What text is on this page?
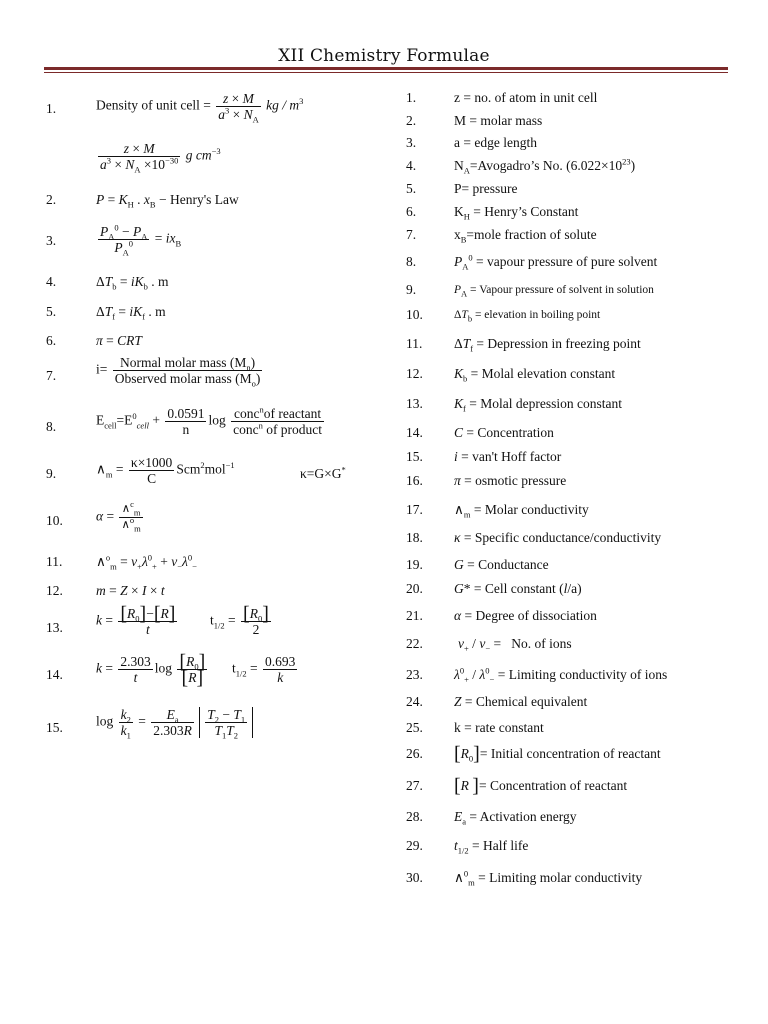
XII Chemistry Formulae
1.	Density of unit cell = $\frac{z \times M}{a^3 \times N_A}$ kg / $m^3$
$\frac{z \times M}{a^3 \times N_A \times 10^{-30}}$ g $cm^{-3}$
2.	$P = K_H$ . $x_B$ − Henry's Law
3.	$\frac{P_A^0 - P_A}{P_A^0} = ix_B$
4.	$\Delta T_b = iK_b$ . m
5.	$\Delta T_f = iK_f$ . m
6.	π = CRT
7.	$i= \frac{Normal molar mass (M_n)}{Observed molar mass (M_o)}$
8.	$E_{cell}=E^0_{cell} + \frac{0.0591}{n}$ $\log \frac{conc^nof reactant}{conc^n of product}$
9.	$\wedge_m = \frac{\kappa\times 1000}{C} Scm^2mol^{-1}$
κ=G×G*
10. $\alpha = \frac{\wedge^c_m}{\wedge^o_m}$
11. ∧$^o_m$ = $v_+\lambda^0_+ + v_-\lambda^0_-$
12. m = Z × I × t
13. $k = \frac{[R_0]-[R]}{t} t_{1/2} = \frac{[R_0]}{2}$
14. $k = \frac{2.303}{t}$ $\log \frac{[R_0]}{[R]} t_{1/2} = \frac{0.693}{k}$
15. $\log \frac{k_2}{k_1} = \frac{E_a}{2.303R}$
$\frac{T_2 - T_1}{T_1T_2}$
1.	z = no. of atom in unit cell
2.	M = molar mass
3.	a = edge length
4.	$N_A=Avogadro’s$ No. $(6.022\times 10^{23})$
5.	P= pressure
6.	$K_H$ = Henry’s Constant
7.	$x_B=mole$ fraction of solute
8.	$P_A^0$ = vapour pressure of pure solvent
9.	$P_A$ = Vapour pressure of solvent in solution
10.	$\Delta T_b$ = elevation in boiling point
11. $\Delta T_f$ = Depression in freezing point
12. $K_b$ = Molal elevation constant
13. $K_f$ = Molal depression constant
14. C = Concentration
15. i = van't Hoff factor
16. π = osmotic pressure
17. $\wedge_m$ = Molar conductivity
18. κ = Specific conductance/conductivity
19. G = Conductance
20. G* = Cell constant (l/a)
21. α = Degree of dissociation
22.	$v_+ / v_- = No$. of ions
23. $\lambda^0_+ / \lambda^0_-$ = Limiting conductivity of ions
24. Z = Chemical equivalent
25. k = rate constant
26. $[R_0]=$ Initial concentration of reactant
27. [R ]= Concentration of reactant
28. $E_a$ = Activation energy
29. $t_{1/2}$ = Half life
30. ∧$^0_m$ = Limiting molar conductivity
